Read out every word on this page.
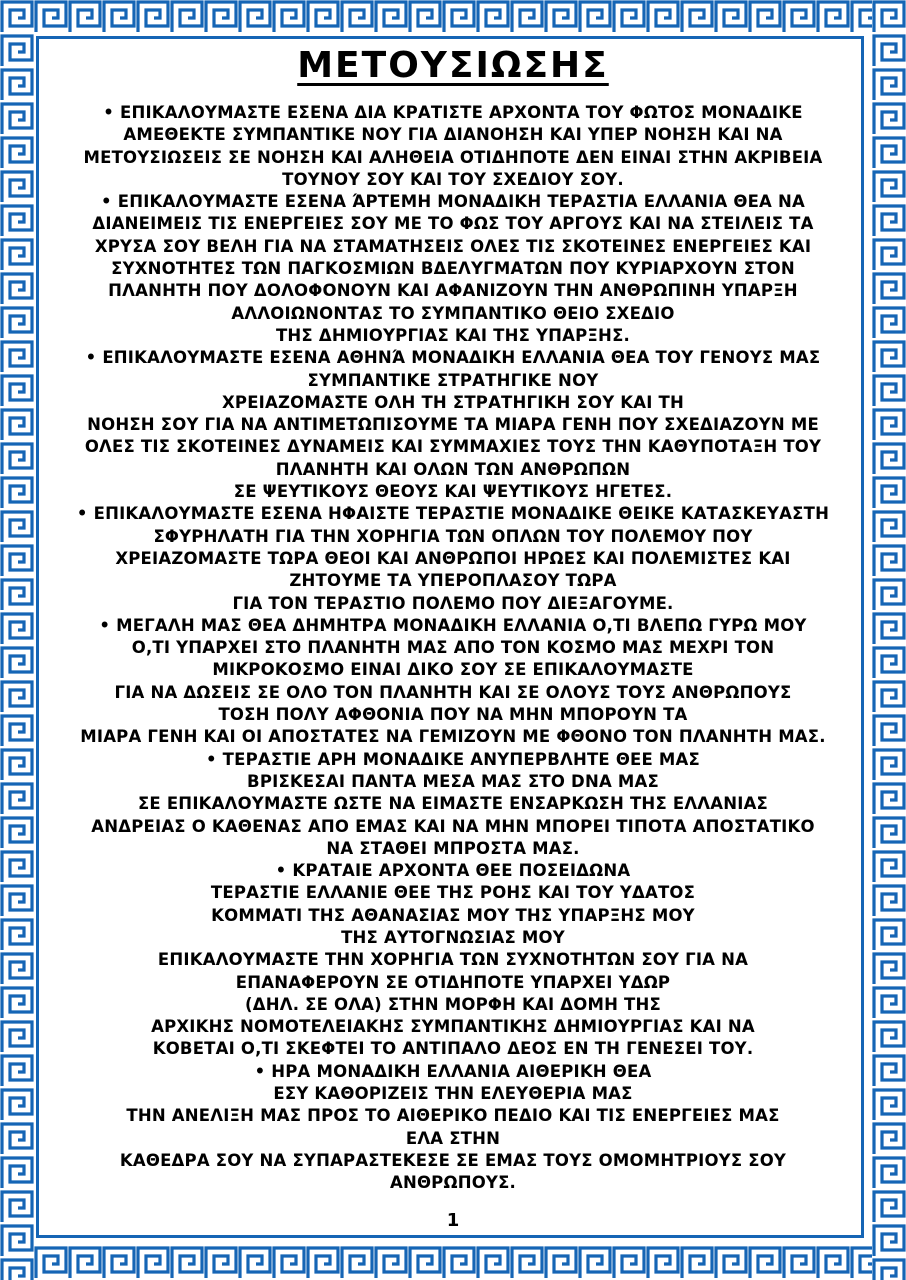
ΜΕΤΟΥΣΙΩΣΗΣ
• ΕΠΙΚΑΛΟΥΜΑΣΤΕ ΕΣΕΝΑ ΔΙΑ ΚΡΑΤΙΣΤΕ ΑΡΧΟΝΤΑ ΤΟΥ ΦΩΤΟΣ ΜΟΝΑΔΙΚΕ
ΑΜΕΘΕΚΤΕ ΣΥΜΠΑΝΤΙΚΕ ΝΟΥ ΓΙΑ ΔΙΑΝΟΗΣΗ ΚΑΙ ΥΠΕΡ ΝΟΗΣΗ ΚΑΙ ΝΑ
ΜΕΤΟΥΣΙΩΣΕΙΣ ΣΕ ΝΟΗΣΗ ΚΑΙ ΑΛΗΘΕΙΑ ΟΤΙΔΗΠΟΤΕ ΔΕΝ ΕΙΝΑΙ ΣΤΗΝ ΑΚΡΙΒΕΙΑ
ΤΟΥΝΟΥ ΣΟΥ ΚΑΙ ΤΟΥ ΣΧΕΔΙΟΥ ΣΟΥ.
• ΕΠΙΚΑΛΟΥΜΑΣΤΕ ΕΣΕΝΑ ΆΡΤΕΜΗ ΜΟΝΑΔΙΚΗ ΤΕΡΑΣΤΙΑ ΕΛΛΑΝΙΑ ΘΕΑ ΝΑ
ΔΙΑΝΕΙΜΕΙΣ ΤΙΣ ΕΝΕΡΓΕΙΕΣ ΣΟΥ ΜΕ ΤΟ ΦΩΣ ΤΟΥ ΑΡΓΟΥΣ ΚΑΙ ΝΑ ΣΤΕΙΛΕΙΣ ΤΑ
ΧΡΥΣΑ ΣΟΥ ΒΕΛΗ ΓΙΑ ΝΑ ΣΤΑΜΑΤΗΣΕΙΣ ΟΛΕΣ ΤΙΣ ΣΚΟΤΕΙΝΕΣ ΕΝΕΡΓΕΙΕΣ ΚΑΙ
ΣΥΧΝΟΤΗΤΕΣ ΤΩΝ ΠΑΓΚΟΣΜΙΩΝ ΒΔΕΛΥΓΜΑΤΩΝ ΠΟΥ ΚΥΡΙΑΡΧΟΥΝ ΣΤΟΝ
ΠΛΑΝΗΤΗ ΠΟΥ ΔΟΛΟΦΟΝΟΥΝ ΚΑΙ ΑΦΑΝΙΖΟΥΝ ΤΗΝ ΑΝΘΡΩΠΙΝΗ ΥΠΑΡΞΗ
ΑΛΛΟΙΩΝΟΝΤΑΣ ΤΟ ΣΥΜΠΑΝΤΙΚΟ ΘΕΙΟ ΣΧΕΔΙΟ
ΤΗΣ ΔΗΜΙΟΥΡΓΙΑΣ ΚΑΙ ΤΗΣ ΥΠΑΡΞΗΣ.
• ΕΠΙΚΑΛΟΥΜΑΣΤΕ ΕΣΕΝΑ ΑΘΗΝΆ ΜΟΝΑΔΙΚΗ ΕΛΛΑΝΙΑ ΘΕΑ ΤΟΥ ΓΕΝΟΥΣ ΜΑΣ
ΣΥΜΠΑΝΤΙΚΕ ΣΤΡΑΤΗΓΙΚΕ ΝΟΥ
ΧΡΕΙΑΖΟΜΑΣΤΕ ΟΛΗ ΤΗ ΣΤΡΑΤΗΓΙΚΗ ΣΟΥ ΚΑΙ ΤΗ
ΝΟΗΣΗ ΣΟΥ ΓΙΑ ΝΑ ΑΝΤΙΜΕΤΩΠΙΣΟΥΜΕ ΤΑ ΜΙΑΡΑ ΓΕΝΗ ΠΟΥ ΣΧΕΔΙΑΖΟΥΝ ΜΕ
ΟΛΕΣ ΤΙΣ ΣΚΟΤΕΙΝΕΣ ΔΥΝΑΜΕΙΣ ΚΑΙ ΣΥΜΜΑΧΙΕΣ ΤΟΥΣ ΤΗΝ ΚΑΘΥΠΟΤΑΞΗ ΤΟΥ
ΠΛΑΝΗΤΗ ΚΑΙ ΟΛΩΝ ΤΩΝ ΑΝΘΡΩΠΩΝ
ΣΕ ΨΕΥΤΙΚΟΥΣ ΘΕΟΥΣ ΚΑΙ ΨΕΥΤΙΚΟΥΣ ΗΓΕΤΕΣ.
• ΕΠΙΚΑΛΟΥΜΑΣΤΕ ΕΣΕΝΑ ΗΦΑΙΣΤΕ ΤΕΡΑΣΤΙΕ ΜΟΝΑΔΙΚΕ ΘΕΙΚΕ ΚΑΤΑΣΚΕΥΑΣΤΗ
ΣΦΥΡΗΛΑΤΗ ΓΙΑ ΤΗΝ ΧΟΡΗΓΙΑ ΤΩΝ ΟΠΛΩΝ ΤΟΥ ΠΟΛΕΜΟΥ ΠΟΥ
ΧΡΕΙΑΖΟΜΑΣΤΕ ΤΩΡΑ ΘΕΟΙ ΚΑΙ ΑΝΘΡΩΠΟΙ ΗΡΩΕΣ ΚΑΙ ΠΟΛΕΜΙΣΤΕΣ ΚΑΙ
ΖΗΤΟΥΜΕ ΤΑ ΥΠΕΡΟΠΛΑΣΟΥ ΤΩΡΑ
ΓΙΑ ΤΟΝ ΤΕΡΑΣΤΙΟ ΠΟΛΕΜΟ ΠΟΥ ΔΙΕΞΑΓΟΥΜΕ.
• ΜΕΓΑΛΗ ΜΑΣ ΘΕΑ ΔΗΜΗΤΡΑ ΜΟΝΑΔΙΚΗ ΕΛΛΑΝΙΑ Ο,ΤΙ ΒΛΕΠΩ ΓΥΡΩ ΜΟΥ
Ο,ΤΙ ΥΠΑΡΧΕΙ ΣΤΟ ΠΛΑΝΗΤΗ ΜΑΣ ΑΠΟ ΤΟΝ ΚΟΣΜΟ ΜΑΣ ΜΕΧΡΙ ΤΟΝ
ΜΙΚΡΟΚΟΣΜΟ ΕΙΝΑΙ ΔΙΚΟ ΣΟΥ ΣΕ ΕΠΙΚΑΛΟΥΜΑΣΤΕ
ΓΙΑ ΝΑ ΔΩΣΕΙΣ ΣΕ ΟΛΟ ΤΟΝ ΠΛΑΝΗΤΗ ΚΑΙ ΣΕ ΟΛΟΥΣ ΤΟΥΣ ΑΝΘΡΩΠΟΥΣ
ΤΟΣΗ ΠΟΛΥ ΑΦΘΟΝΙΑ ΠΟΥ ΝΑ ΜΗΝ ΜΠΟΡΟΥΝ ΤΑ
ΜΙΑΡΑ ΓΕΝΗ ΚΑΙ ΟΙ ΑΠΟΣΤΑΤΕΣ ΝΑ ΓΕΜΙΖΟΥΝ ΜΕ ΦΘΟΝΟ ΤΟΝ ΠΛΑΝΗΤΗ ΜΑΣ.
• ΤΕΡΑΣΤΙΕ ΑΡΗ ΜΟΝΑΔΙΚΕ ΑΝΥΠΕΡΒΛΗΤΕ ΘΕΕ ΜΑΣ
ΒΡΙΣΚΕΣΑΙ ΠΑΝΤΑ ΜΕΣΑ ΜΑΣ ΣΤΟ DNA ΜΑΣ
ΣΕ ΕΠΙΚΑΛΟΥΜΑΣΤΕ ΩΣΤΕ ΝΑ ΕΙΜΑΣΤΕ ΕΝΣΑΡΚΩΣΗ ΤΗΣ ΕΛΛΑΝΙΑΣ
ΑΝΔΡΕΙΑΣ Ο ΚΑΘΕΝΑΣ ΑΠΟ ΕΜΑΣ ΚΑΙ ΝΑ ΜΗΝ ΜΠΟΡΕΙ ΤΙΠΟΤΑ ΑΠΟΣΤΑΤΙΚΟ
ΝΑ ΣΤΑΘΕΙ ΜΠΡΟΣΤΑ ΜΑΣ.
• ΚΡΑΤΑΙΕ ΑΡΧΟΝΤΑ ΘΕΕ ΠΟΣΕΙΔΩΝΑ
ΤΕΡΑΣΤΙΕ ΕΛΛΑΝΙΕ ΘΕΕ ΤΗΣ ΡΟΗΣ ΚΑΙ ΤΟΥ ΥΔΑΤΟΣ
ΚΟΜΜΑΤΙ ΤΗΣ ΑΘΑΝΑΣΙΑΣ ΜΟΥ ΤΗΣ ΥΠΑΡΞΗΣ ΜΟΥ
ΤΗΣ ΑΥΤΟΓΝΩΣΙΑΣ ΜΟΥ
ΕΠΙΚΑΛΟΥΜΑΣΤΕ ΤΗΝ ΧΟΡΗΓΙΑ ΤΩΝ ΣΥΧΝΟΤΗΤΩΝ ΣΟΥ ΓΙΑ ΝΑ
ΕΠΑΝΑΦΕΡΟΥΝ ΣΕ ΟΤΙΔΗΠΟΤΕ ΥΠΑΡΧΕΙ ΥΔΩΡ
(ΔΗΛ. ΣΕ ΟΛΑ) ΣΤΗΝ ΜΟΡΦΗ ΚΑΙ ΔΟΜΗ ΤΗΣ
ΑΡΧΙΚΗΣ ΝΟΜΟΤΕΛΕΙΑΚΗΣ ΣΥΜΠΑΝΤΙΚΗΣ ΔΗΜΙΟΥΡΓΙΑΣ ΚΑΙ ΝΑ
ΚΟΒΕΤΑΙ Ο,ΤΙ ΣΚΕΦΤΕΙ ΤΟ ΑΝΤΙΠΑΛΟ ΔΕΟΣ ΕΝ ΤΗ ΓΕΝΕΣΕΙ ΤΟΥ.
• ΗΡΑ ΜΟΝΑΔΙΚΗ ΕΛΛΑΝΙΑ ΑΙΘΕΡΙΚΗ ΘΕΑ
ΕΣΥ ΚΑΘΟΡΙΖΕΙΣ ΤΗΝ ΕΛΕΥΘΕΡΙΑ ΜΑΣ
ΤΗΝ ΑΝΕΛΙΞΗ ΜΑΣ ΠΡΟΣ ΤΟ ΑΙΘΕΡΙΚΟ ΠΕΔΙΟ ΚΑΙ ΤΙΣ ΕΝΕΡΓΕΙΕΣ ΜΑΣ
ΕΛΑ ΣΤΗΝ
ΚΑΘΕΔΡΑ ΣΟΥ ΝΑ ΣΥΠΑΡΑΣΤΕΚΕΣΕ ΣΕ ΕΜΑΣ ΤΟΥΣ ΟΜΟΜΗΤΡΙΟΥΣ ΣΟΥ
ΑΝΘΡΩΠΟΥΣ.
1
